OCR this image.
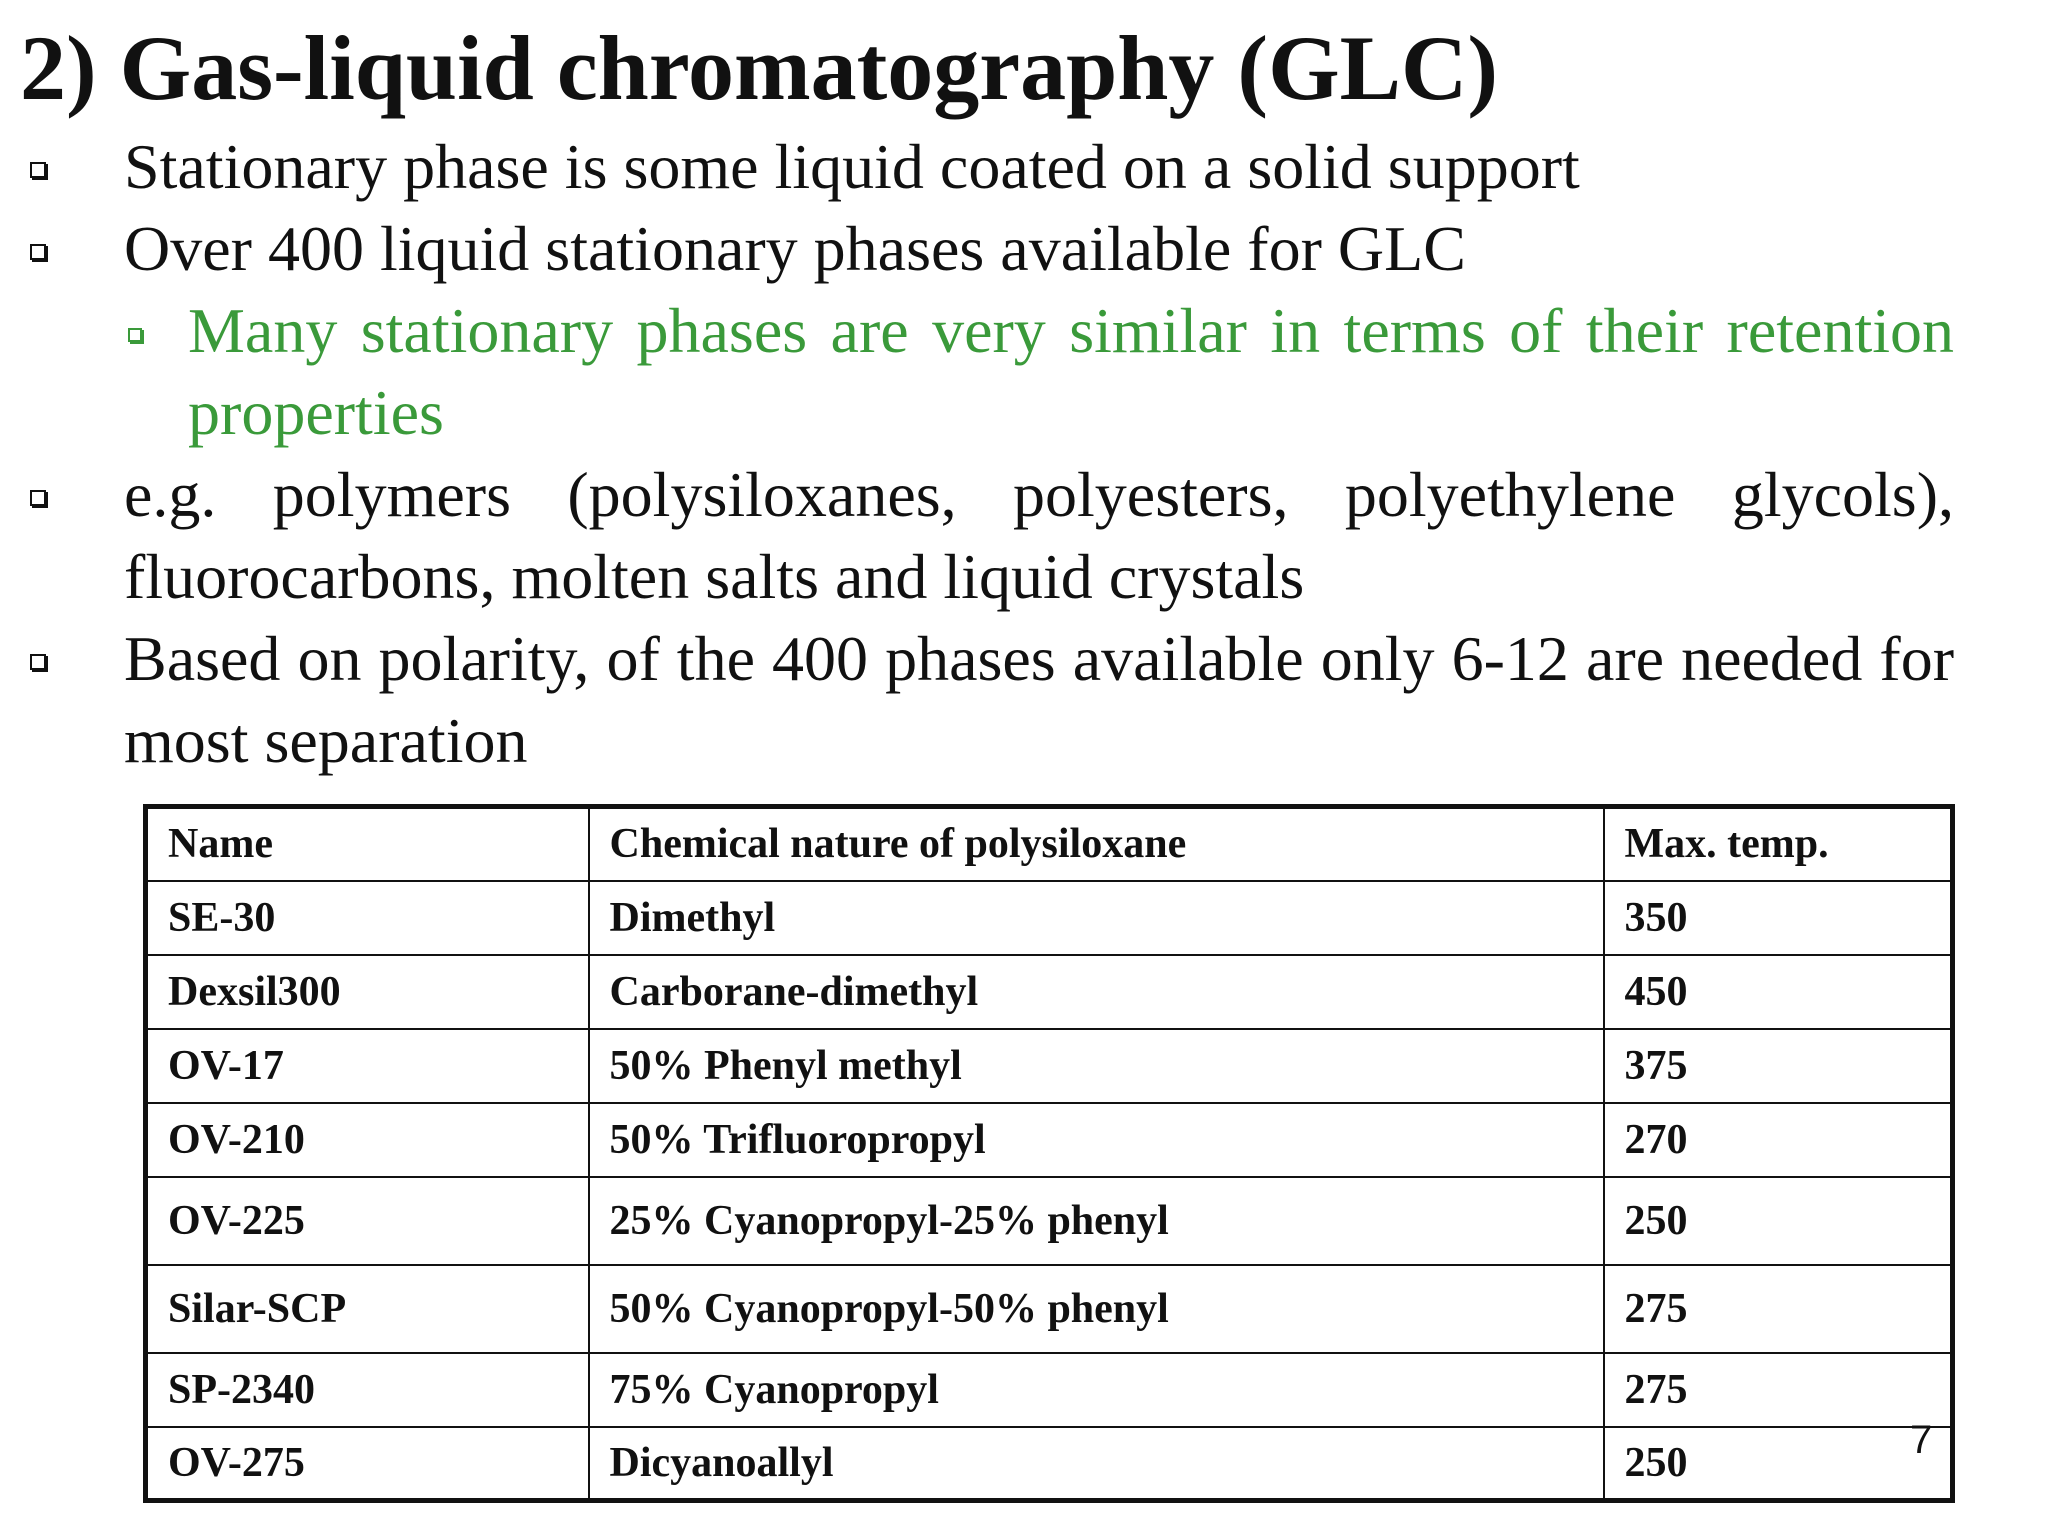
2) Gas-liquid chromatography (GLC)
Stationary phase is some liquid coated on a solid support
Over 400 liquid stationary phases available for GLC
Many stationary phases are very similar in terms of their retention properties
e.g. polymers (polysiloxanes, polyesters, polyethylene glycols), fluorocarbons, molten salts and liquid crystals
Based on polarity, of the 400 phases available only 6-12 are needed for most separation
Name	Chemical nature of polysiloxane	Max. temp.
SE-30	Dimethyl	350
Dexsil300	Carborane-dimethyl	450
OV-17	50% Phenyl methyl	375
OV-210	50% Trifluoropropyl	270
OV-225	25% Cyanopropyl-25% phenyl	250
Silar-SCP	50% Cyanopropyl-50% phenyl	275
SP-2340	75% Cyanopropyl	275
OV-275	Dicyanoallyl	250	7
